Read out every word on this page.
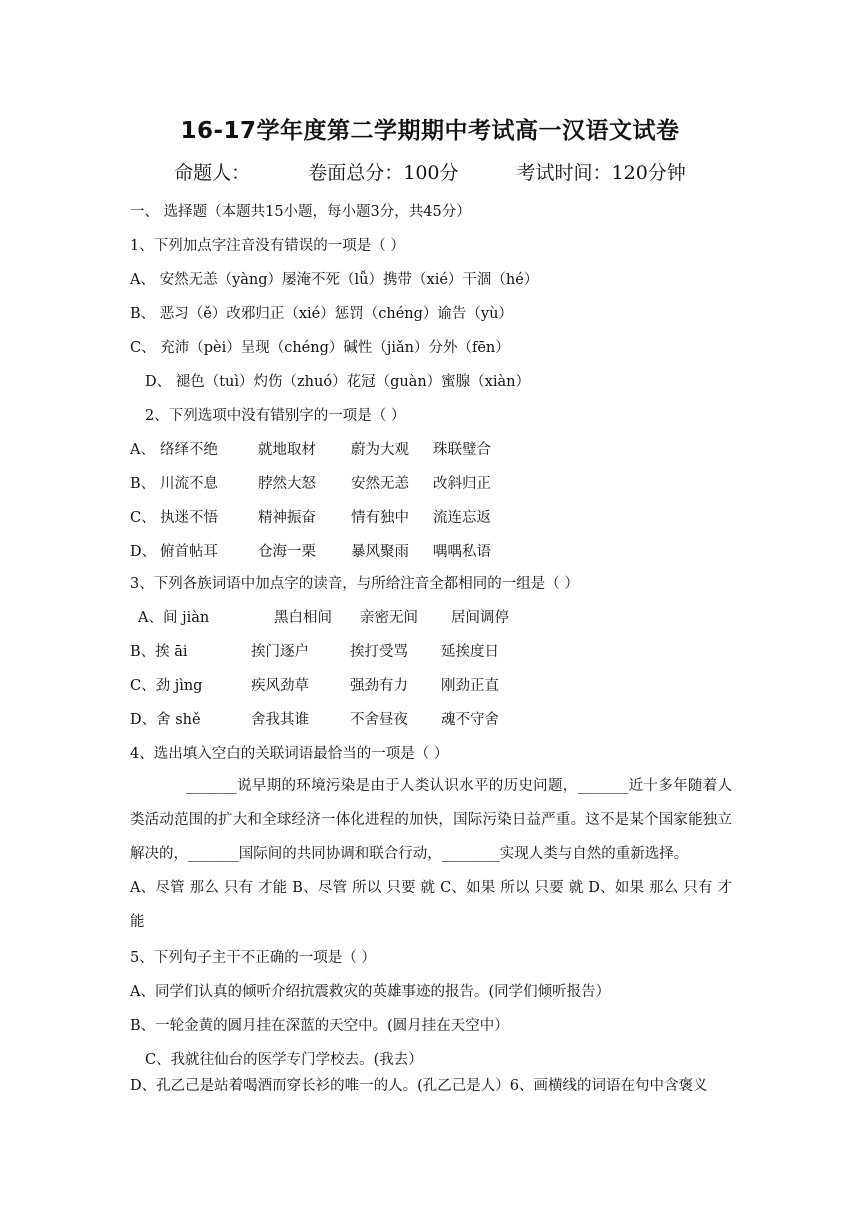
16-17学年度第二学期期中考试高一汉语文试卷
命题人：	卷面总分：100分	考试时间：120分钟
一、 选择题（本题共15小题，每小题3分，共45分）
1、下列加点字注音没有错误的一项是（ ）
A、 安然无恙（yàng）屡淹不死（lǚ）携带（xié）干涸（hé）
B、 恶习（ě）改邪归正（xié）惩罚（chéng）谕告（yù）
C、 充沛（pèi）呈现（chéng）碱性（jiǎn）分外（fēn）
D、 褪色（tuì）灼伤（zhuó）花冠（guàn）蜜腺（xiàn）
2、下列选项中没有错别字的一项是（ ）
A、 络绎不绝	就地取材 蔚为大观 珠联璧合
B、 川流不息	脖然大怒 安然无恙 改斜归正
C、 执迷不悟	精神振奋 情有独中 流连忘返
D、 俯首帖耳	仓海一栗 暴风聚雨 喁喁私语
3、下列各族词语中加点字的读音，与所给注音全都相同的一组是（ ）
A、间 jiàn	黑白相间 亲密无间 居间调停
B、挨 āi	挨门逐户	挨打受骂 延挨度日
C、劲 jìng	疾风劲草	强劲有力 刚劲正直
D、舍 shě	舍我其谁	不舍昼夜 魂不守舍
4、选出填入空白的关联词语最恰当的一项是（ ）
_______说早期的环境污染是由于人类认识水平的历史问题，_______近十多年随着人类活动范围的扩大和全球经济一体化进程的加快，国际污染日益严重。这不是某个国家能独立解决的，_______国际间的共同协调和联合行动，________实现人类与自然的重新选择。
A、尽管 那么 只有 才能 B、尽管 所以 只要 就 C、如果 所以 只要 就 D、如果 那么 只有 才能
5、下列句子主干不正确的一项是（ ）
A、同学们认真的倾听介绍抗震救灾的英雄事迹的报告。(同学们倾听报告）
B、一轮金黄的圆月挂在深蓝的天空中。(圆月挂在天空中）
C、我就往仙台的医学专门学校去。(我去）
D、孔乙己是站着喝酒而穿长衫的唯一的人。(孔乙己是人）6、画横线的词语在句中含褒义
